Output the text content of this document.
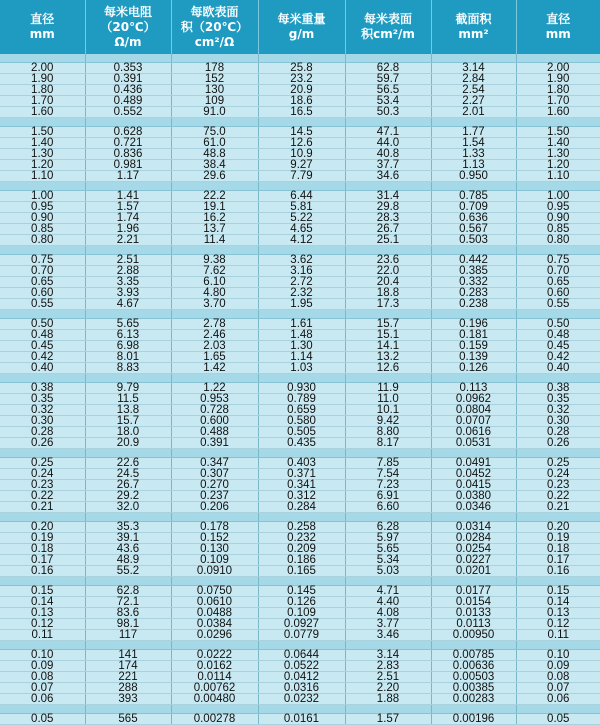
直径
mm	每米电阻
（20℃）
Ω/m	每欧表面
积（20℃）
cm²/Ω	每米重量
g/m	每米表面
积cm²/m	截面积
mm²	直径
mm

2.00	0.353	178	25.8	62.8	3.14	2.00
1.90	0.391	152	23.2	59.7	2.84	1.90
1.80	0.436	130	20.9	56.5	2.54	1.80
1.70	0.489	109	18.6	53.4	2.27	1.70
1.60	0.552	91.0	16.5	50.3	2.01	1.60

1.50	0.628	75.0	14.5	47.1	1.77	1.50
1.40	0.721	61.0	12.6	44.0	1.54	1.40
1.30	0.836	48.8	10.9	40.8	1.33	1.30
1.20	0.981	38.4	9.27	37.7	1.13	1.20
1.10	1.17	29.6	7.79	34.6	0.950	1.10

1.00	1.41	22.2	6.44	31.4	0.785	1.00
0.95	1.57	19.1	5.81	29.8	0.709	0.95
0.90	1.74	16.2	5.22	28.3	0.636	0.90
0.85	1.96	13.7	4.65	26.7	0.567	0.85
0.80	2.21	11.4	4.12	25.1	0.503	0.80

0.75	2.51	9.38	3.62	23.6	0.442	0.75
0.70	2.88	7.62	3.16	22.0	0.385	0.70
0.65	3.35	6.10	2.72	20.4	0.332	0.65
0.60	3.93	4.80	2.32	18.8	0.283	0.60
0.55	4.67	3.70	1.95	17.3	0.238	0.55

0.50	5.65	2.78	1.61	15.7	0.196	0.50
0.48	6.13	2.46	1.48	15.1	0.181	0.48
0.45	6.98	2.03	1.30	14.1	0.159	0.45
0.42	8.01	1.65	1.14	13.2	0.139	0.42
0.40	8.83	1.42	1.03	12.6	0.126	0.40

0.38	9.79	1.22	0.930	11.9	0.113	0.38
0.35	11.5	0.953	0.789	11.0	0.0962	0.35
0.32	13.8	0.728	0.659	10.1	0.0804	0.32
0.30	15.7	0.600	0.580	9.42	0.0707	0.30
0.28	18.0	0.488	0.505	8.80	0.0616	0.28
0.26	20.9	0.391	0.435	8.17	0.0531	0.26

0.25	22.6	0.347	0.403	7.85	0.0491	0.25
0.24	24.5	0.307	0.371	7.54	0.0452	0.24
0.23	26.7	0.270	0.341	7.23	0.0415	0.23
0.22	29.2	0.237	0.312	6.91	0.0380	0.22
0.21	32.0	0.206	0.284	6.60	0.0346	0.21

0.20	35.3	0.178	0.258	6.28	0.0314	0.20
0.19	39.1	0.152	0.232	5.97	0.0284	0.19
0.18	43.6	0.130	0.209	5.65	0.0254	0.18
0.17	48.9	0.109	0.186	5.34	0.0227	0.17
0.16	55.2	0.0910	0.165	5.03	0.0201	0.16

0.15	62.8	0.0750	0.145	4.71	0.0177	0.15
0.14	72.1	0.0610	0.126	4.40	0.0154	0.14
0.13	83.6	0.0488	0.109	4.08	0.0133	0.13
0.12	98.1	0.0384	0.0927	3.77	0.0113	0.12
0.11	117	0.0296	0.0779	3.46	0.00950	0.11

0.10	141	0.0222	0.0644	3.14	0.00785	0.10
0.09	174	0.0162	0.0522	2.83	0.00636	0.09
0.08	221	0.0114	0.0412	2.51	0.00503	0.08
0.07	288	0.00762	0.0316	2.20	0.00385	0.07
0.06	393	0.00480	0.0232	1.88	0.00283	0.06

0.05	565	0.00278	0.0161	1.57	0.00196	0.05
